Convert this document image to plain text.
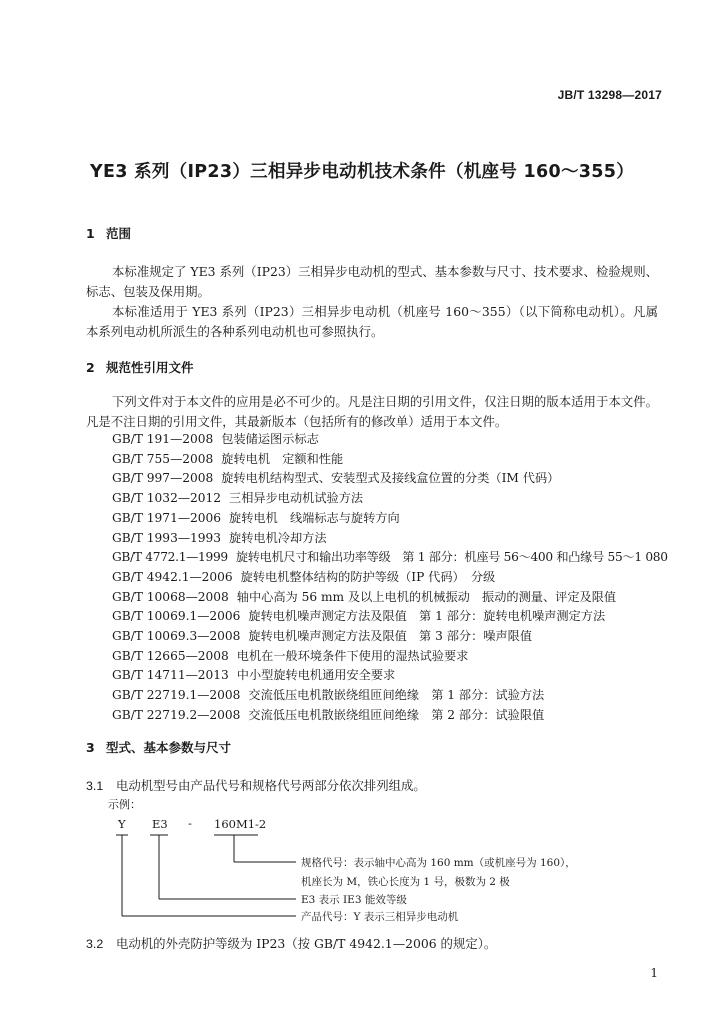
JB/T 13298—2017
YE3 系列（IP23）三相异步电动机技术条件（机座号 160～355）
1 范围
本标准规定了 YE3 系列（IP23）三相异步电动机的型式、基本参数与尺寸、技术要求、检验规则、标志、包装及保用期。
本标准适用于 YE3 系列（IP23）三相异步电动机（机座号 160～355）（以下简称电动机）。凡属本系列电动机所派生的各种系列电动机也可参照执行。
2 规范性引用文件
下列文件对于本文件的应用是必不可少的。凡是注日期的引用文件，仅注日期的版本适用于本文件。凡是不注日期的引用文件，其最新版本（包括所有的修改单）适用于本文件。
GB/T 191—2008 包装储运图示标志
GB/T 755—2008 旋转电机　定额和性能
GB/T 997—2008 旋转电机结构型式、安装型式及接线盒位置的分类（IM 代码）
GB/T 1032—2012 三相异步电动机试验方法
GB/T 1971—2006 旋转电机　线端标志与旋转方向
GB/T 1993—1993 旋转电机冷却方法
GB/T 4772.1—1999 旋转电机尺寸和输出功率等级　第 1 部分：机座号 56～400 和凸缘号 55～1 080
GB/T 4942.1—2006 旋转电机整体结构的防护等级（IP 代码）　分级
GB/T 10068—2008 轴中心高为 56 mm 及以上电机的机械振动　振动的测量、评定及限值
GB/T 10069.1—2006 旋转电机噪声测定方法及限值　第 1 部分：旋转电机噪声测定方法
GB/T 10069.3—2008 旋转电机噪声测定方法及限值　第 3 部分：噪声限值
GB/T 12665—2008 电机在一般环境条件下使用的湿热试验要求
GB/T 14711—2013 中小型旋转电机通用安全要求
GB/T 22719.1—2008 交流低压电机散嵌绕组匝间绝缘　第 1 部分：试验方法
GB/T 22719.2—2008 交流低压电机散嵌绕组匝间绝缘　第 2 部分：试验限值
3 型式、基本参数与尺寸
3.1 电动机型号由产品代号和规格代号两部分依次排列组成。
示例：
Y E3 - 160M1-2
规格代号：表示轴中心高为 160 mm（或机座号为 160），
机座长为 M，铁心长度为 1 号，极数为 2 极
E3 表示 IE3 能效等级
产品代号：Y 表示三相异步电动机
3.2 电动机的外壳防护等级为 IP23（按 GB/T 4942.1—2006 的规定）。
1
